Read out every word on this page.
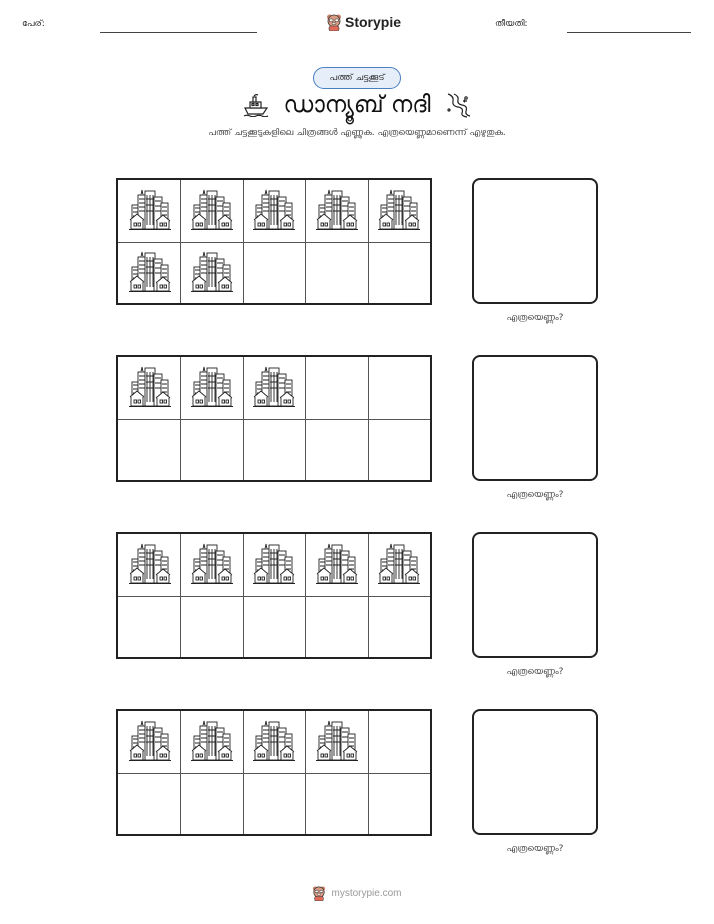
പേര്:	Storypie	തീയതി:
പത്ത് ചട്ടക്കൂട്
ഡാന്യൂബ് നദി
പത്ത് ചട്ടക്കൂടുകളിലെ ചിത്രങ്ങൾ എണ്ണുക. എത്രയെണ്ണമാണെന്ന് എഴുതുക.
എത്രയെണ്ണം?
എത്രയെണ്ണം?
എത്രയെണ്ണം?
എത്രയെണ്ണം?
mystorypie.com
